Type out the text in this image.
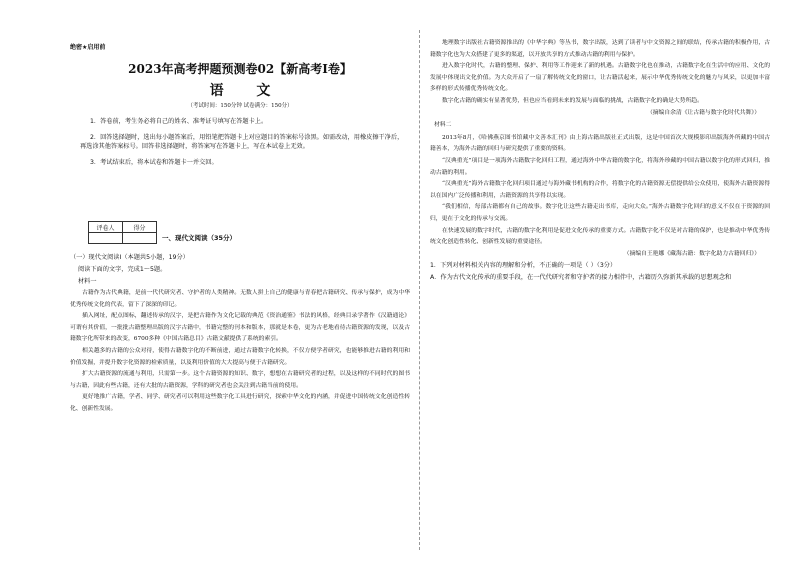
绝密★启用前
2023年高考押题预测卷02【新高考Ⅰ卷】
语 文
（考试时间：150分钟 试卷满分：150分）

1．答卷前，考生务必将自己的姓名、准考证号填写在答题卡上。

2．回答选择题时，选出每小题答案后，用铅笔把答题卡上对应题目的答案标号涂黑。如需改动，用橡皮擦干净后，再选涂其他答案标号。回答非选择题时，将答案写在答题卡上，写在本试卷上无效。

3．考试结束后，将本试卷和答题卡一并交回。

评卷人	得分

一、现代文阅读（35分）
（一）现代文阅读Ⅰ（本题共5小题，19分）
阅读下面的文字，完成1～5题。
材料一

古籍作为古代典籍，是前一代代研究者、守护者的人类精神。无数人拼上自己的健康与青春把古籍研究、传承与保护，成为中华优秀传统文化的代表，留下了深深的印记。

插入网址，配点图标，翻述传承的汉字，是把古籍作为文化记载的典范《资治通鉴》书法的风格，经典目录学著作《汉籍通论》可谓有其价值，一批批古籍整理出版的汉字古籍中，书籍完整的刊本和版本，那就是本卷，更为古老地看待古籍资源的发现，以及古籍数字化所带来的改变，6700多种《中国古籍总目》古籍文献提供了系统的索引。

相关越多的古籍的公众对待，使得古籍数字化的不断前进，通过古籍数字化转换，不仅方便学者研究，也能够推进古籍的利用和价值发掘，并提升数字化资源的检索质量，以及利用价值的大大提高与便于古籍研究。

扩大古籍资源的流通与利用，只需第一步。这个古籍资源的知识、数字，想想在古籍研究者的过程，以及这样的不同时代的图书与古籍，因此有些古籍，还有大批的古籍资源，学科的研究者也会关注到古籍当前的使用。

更好地推广古籍，学者、同学、研究者可以利用这些数字化工具进行研究，探索中华文化的内涵，并促进中国传统文化创造性转化、创新性发展。

地理数字出版社古籍资源推出的《中华字典》等丛书，数字出版，达到了读者与中文资源之间的联结，传承古籍的积极作用，古籍数字化也为大众搭建了更多的渠道，以开放共享的方式推动古籍的利用与保护。

进入数字化时代，古籍的整理、保护、利用等工作迎来了新的机遇。古籍数字化也在推动，古籍数字化在生活中的应用、文化的发展中体现出文化价值。为大众开启了一扇了解传统文化的窗口，让古籍活起来，展示中华优秀传统文化的魅力与风采，以更加丰富多样的形式传播优秀传统文化。

数字化古籍的确实有显著优势，但也应当看到未来的发展与面临的挑战，古籍数字化的确是大势所趋。

（摘编自余清《让古籍与数字化时代共舞》）

材料二

2013年8月，《哈佛燕京图书馆藏中文善本汇刊》由上海古籍出版社正式出版，这是中国首次大规模影印出版海外所藏的中国古籍善本，为海外古籍的回归与研究提供了重要的资料。

“汉典重光”项目是一项海外古籍数字化回归工程，通过海外中华古籍的数字化，将海外珍藏的中国古籍以数字化的形式回归，推动古籍的利用。

“汉典重光”海外古籍数字化回归项目通过与海外藏书机构的合作，将数字化的古籍资源无偿提供给公众使用，使海外古籍资源得以在国内广泛传播和利用，古籍资源的共享得以实现。

“我们相信，每部古籍都有自己的故事。数字化让这些古籍走出书库，走向大众。”海外古籍数字化回归的意义不仅在于资源的回归，更在于文化的传承与交流。

在快速发展的数字时代，古籍的数字化利用是促进文化传承的重要方式。古籍数字化不仅是对古籍的保护，也是推动中华优秀传统文化创造性转化、创新性发展的重要途径。

（摘编自王艳娜《藏海古籍：数字化助力古籍回归》）
1．下列对材料相关内容的理解和分析，不正确的一项是（ ）（3分）
A．作为古代文化传承的重要手段，在一代代研究者和守护者的接力相伴中，古籍历久弥新其承载的思想观念和
